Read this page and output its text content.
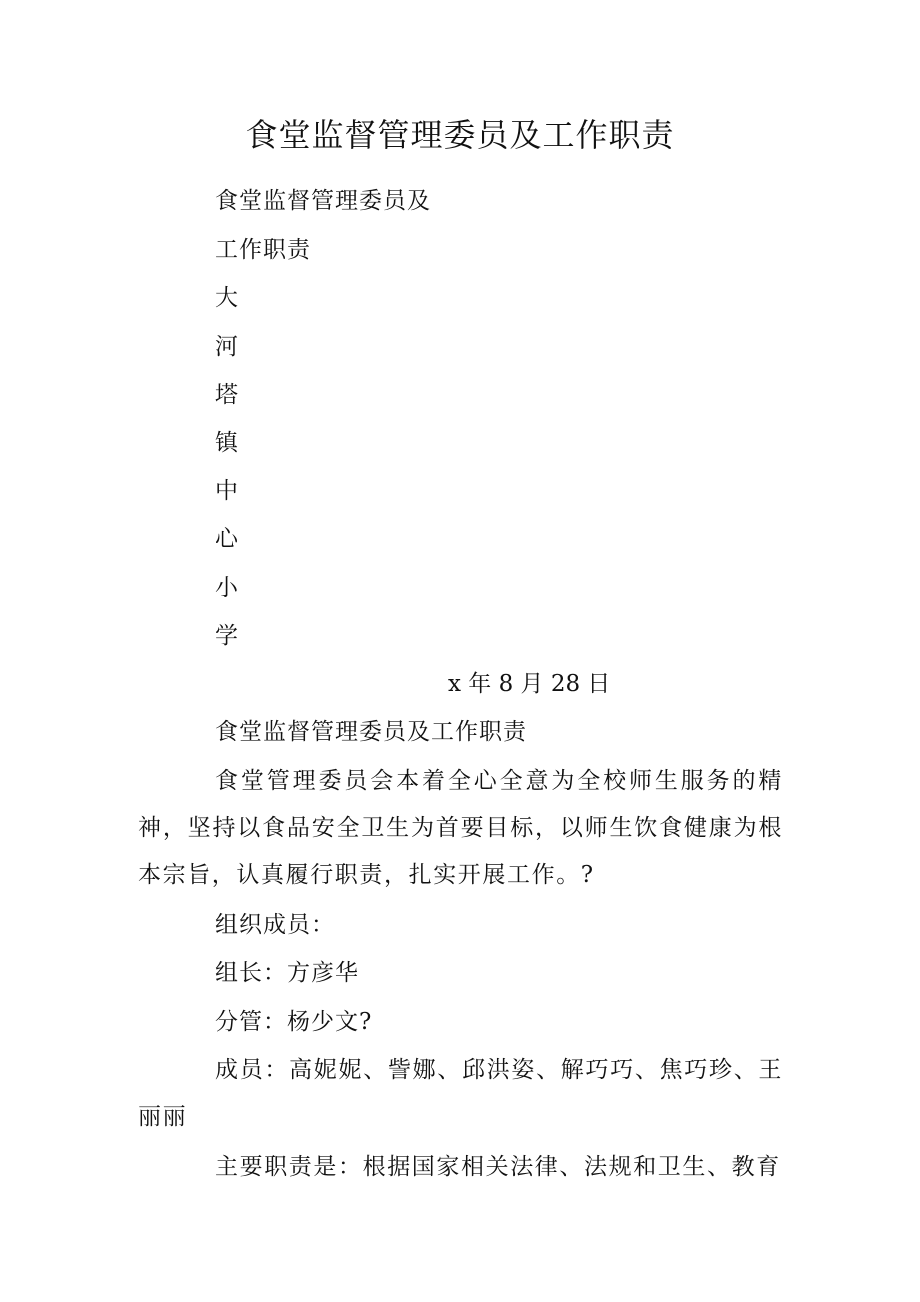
食堂监督管理委员及工作职责
食堂监督管理委员及
工作职责
大
河
塔
镇
中
心
小
学
x 年 8 月 28 日
食堂监督管理委员及工作职责
食堂管理委员会本着全心全意为全校师生服务的精神，坚持以食品安全卫生为首要目标，以师生饮食健康为根本宗旨，认真履行职责，扎实开展工作。?
组织成员：
组长：方彦华
分管：杨少文?
成员：高妮妮、訾娜、邱洪姿、解巧巧、焦巧珍、王丽丽
主要职责是：根据国家相关法律、法规和卫生、教育
